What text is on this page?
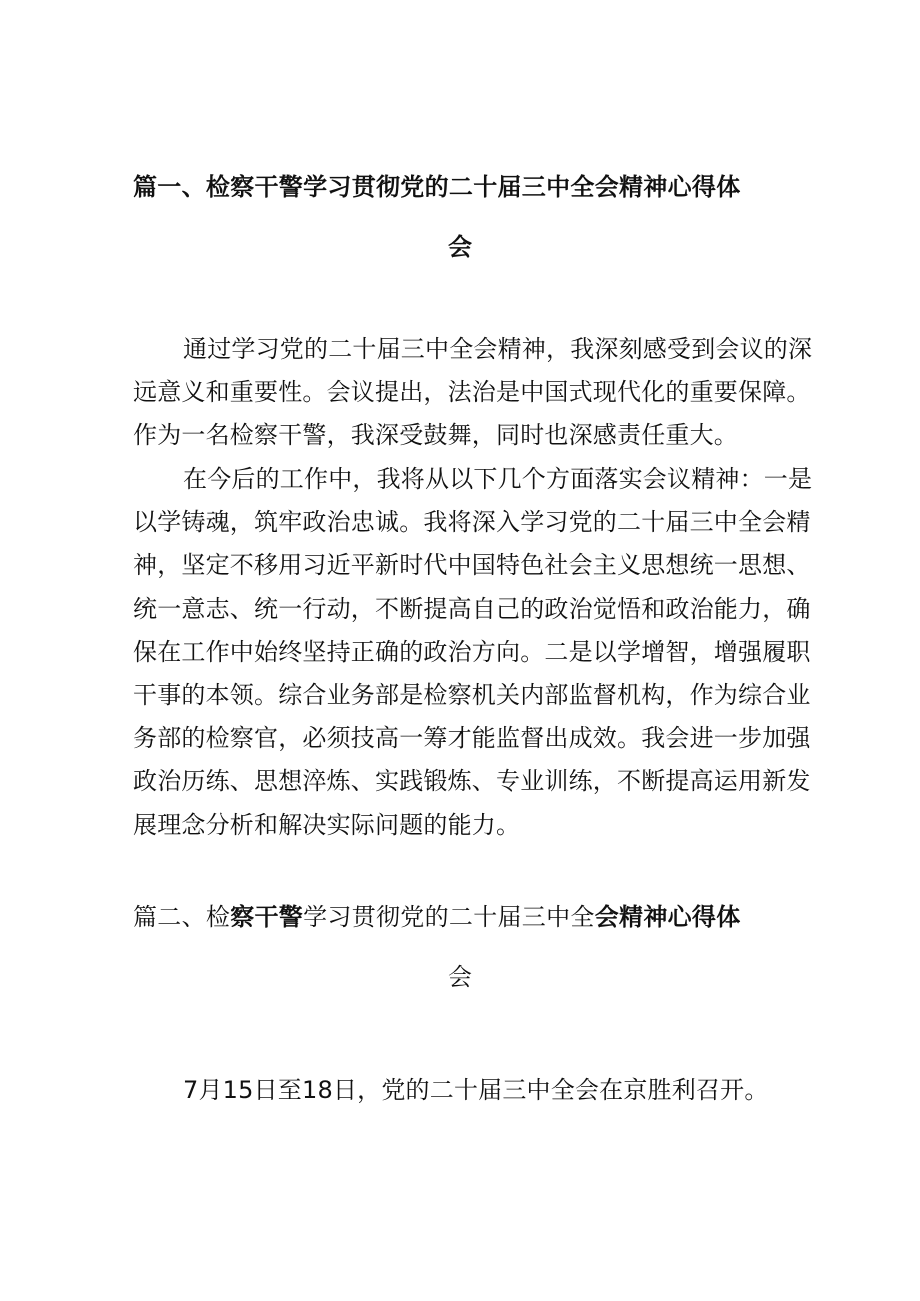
篇一、检察干警学习贯彻党的二十届三中全会精神心得体
会
通过学习党的二十届三中全会精神，我深刻感受到会议的深
远意义和重要性。会议提出，法治是中国式现代化的重要保障。
作为一名检察干警，我深受鼓舞，同时也深感责任重大。
在今后的工作中，我将从以下几个方面落实会议精神：一是
以学铸魂，筑牢政治忠诚。我将深入学习党的二十届三中全会精
神，坚定不移用习近平新时代中国特色社会主义思想统一思想、
统一意志、统一行动，不断提高自己的政治觉悟和政治能力，确
保在工作中始终坚持正确的政治方向。二是以学增智，增强履职
干事的本领。综合业务部是检察机关内部监督机构，作为综合业
务部的检察官，必须技高一筹才能监督出成效。我会进一步加强
政治历练、思想淬炼、实践锻炼、专业训练，不断提高运用新发
展理念分析和解决实际问题的能力。
篇二、检察干警学习贯彻党的二十届三中全会精神心得体
会
7月15日至18日，党的二十届三中全会在京胜利召开。
